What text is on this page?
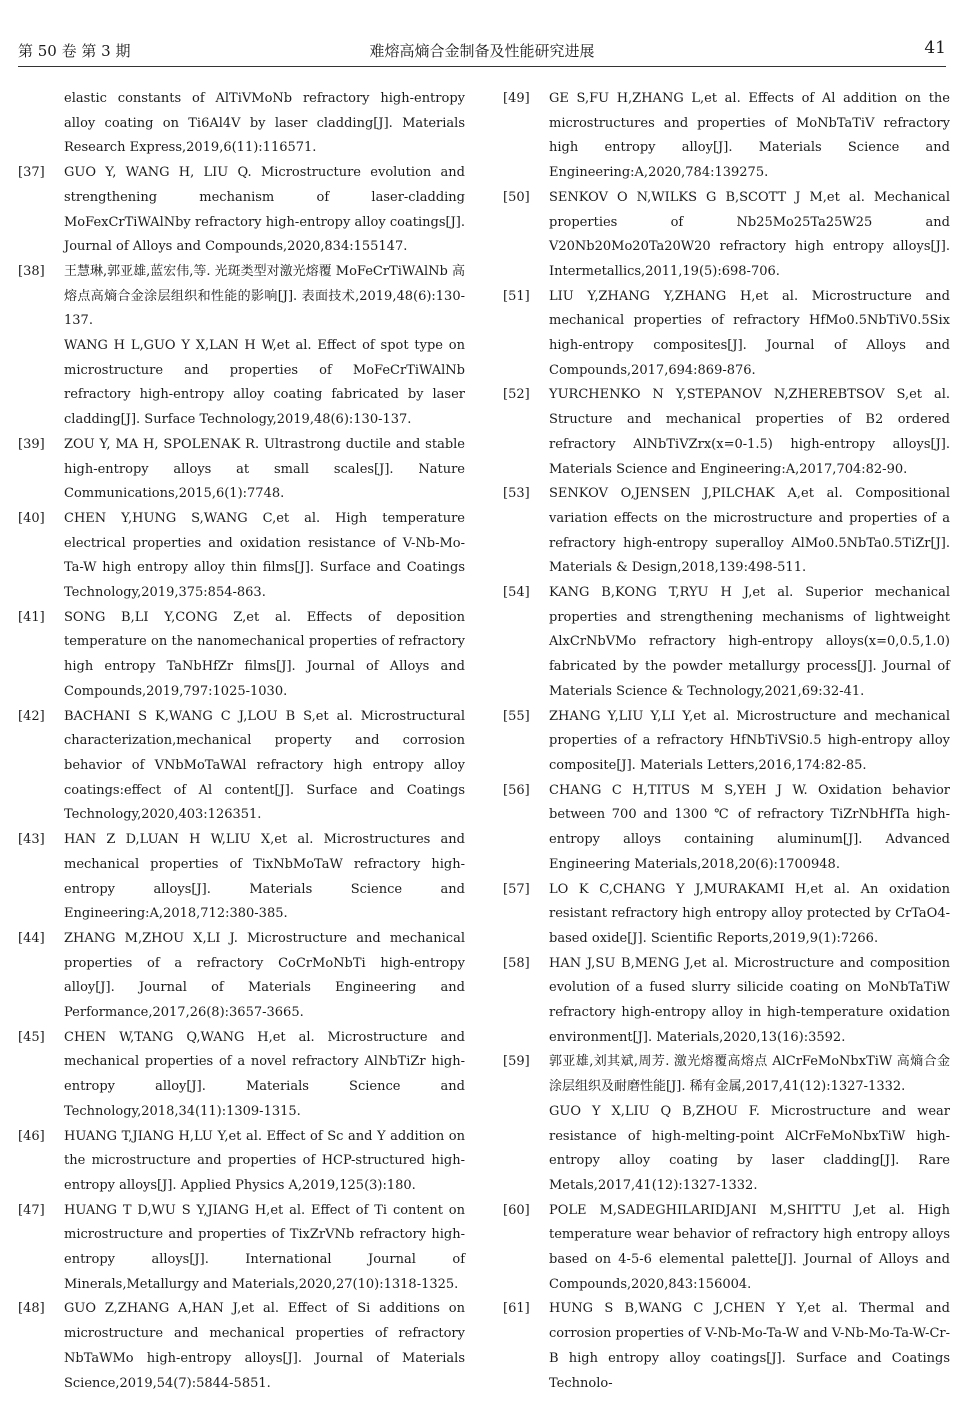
第 50 卷 第 3 期	难熔高熵合金制备及性能研究进展	41
elastic constants of AlTiVMoNb refractory high-entropy alloy coating on Ti6Al4V by laser cladding[J]. Materials Research Express,2019,6(11):116571.
[37] GUO Y, WANG H, LIU Q. Microstructure evolution and strengthening mechanism of laser-cladding MoFexCrTiWAlNby refractory high-entropy alloy coatings[J]. Journal of Alloys and Compounds,2020,834:155147.
[38] 王慧琳,郭亚雄,蓝宏伟,等. 光斑类型对激光熔覆 MoFeCrTiWAlNb 高熔点高熵合金涂层组织和性能的影响[J]. 表面技术,2019,48(6):130-137.
WANG H L,GUO Y X,LAN H W,et al. Effect of spot type on microstructure and properties of MoFeCrTiWAlNb refractory high-entropy alloy coating fabricated by laser cladding[J]. Surface Technology,2019,48(6):130-137.
[39] ZOU Y, MA H, SPOLENAK R. Ultrastrong ductile and stable high-entropy alloys at small scales[J]. Nature Communications,2015,6(1):7748.
[40] CHEN Y,HUNG S,WANG C,et al. High temperature electrical properties and oxidation resistance of V-Nb-Mo-Ta-W high entropy alloy thin films[J]. Surface and Coatings Technology,2019,375:854-863.
[41] SONG B,LI Y,CONG Z,et al. Effects of deposition temperature on the nanomechanical properties of refractory high entropy TaNbHfZr films[J]. Journal of Alloys and Compounds,2019,797:1025-1030.
[42] BACHANI S K,WANG C J,LOU B S,et al. Microstructural characterization,mechanical property and corrosion behavior of VNbMoTaWAl refractory high entropy alloy coatings:effect of Al content[J]. Surface and Coatings Technology,2020,403:126351.
[43] HAN Z D,LUAN H W,LIU X,et al. Microstructures and mechanical properties of TixNbMoTaW refractory high-entropy alloys[J]. Materials Science and Engineering:A,2018,712:380-385.
[44] ZHANG M,ZHOU X,LI J. Microstructure and mechanical properties of a refractory CoCrMoNbTi high-entropy alloy[J]. Journal of Materials Engineering and Performance,2017,26(8):3657-3665.
[45] CHEN W,TANG Q,WANG H,et al. Microstructure and mechanical properties of a novel refractory AlNbTiZr high-entropy alloy[J]. Materials Science and Technology,2018,34(11):1309-1315.
[46] HUANG T,JIANG H,LU Y,et al. Effect of Sc and Y addition on the microstructure and properties of HCP-structured high-entropy alloys[J]. Applied Physics A,2019,125(3):180.
[47] HUANG T D,WU S Y,JIANG H,et al. Effect of Ti content on microstructure and properties of TixZrVNb refractory high-entropy alloys[J]. International Journal of Minerals,Metallurgy and Materials,2020,27(10):1318-1325.
[48] GUO Z,ZHANG A,HAN J,et al. Effect of Si additions on microstructure and mechanical properties of refractory NbTaWMo high-entropy alloys[J]. Journal of Materials Science,2019,54(7):5844-5851.
[49] GE S,FU H,ZHANG L,et al. Effects of Al addition on the microstructures and properties of MoNbTaTiV refractory high entropy alloy[J]. Materials Science and Engineering:A,2020,784:139275.
[50] SENKOV O N,WILKS G B,SCOTT J M,et al. Mechanical properties of Nb25Mo25Ta25W25 and V20Nb20Mo20Ta20W20 refractory high entropy alloys[J]. Intermetallics,2011,19(5):698-706.
[51] LIU Y,ZHANG Y,ZHANG H,et al. Microstructure and mechanical properties of refractory HfMo0.5NbTiV0.5Six high-entropy composites[J]. Journal of Alloys and Compounds,2017,694:869-876.
[52] YURCHENKO N Y,STEPANOV N,ZHEREBTSOV S,et al. Structure and mechanical properties of B2 ordered refractory AlNbTiVZrx(x=0-1.5) high-entropy alloys[J]. Materials Science and Engineering:A,2017,704:82-90.
[53] SENKOV O,JENSEN J,PILCHAK A,et al. Compositional variation effects on the microstructure and properties of a refractory high-entropy superalloy AlMo0.5NbTa0.5TiZr[J]. Materials & Design,2018,139:498-511.
[54] KANG B,KONG T,RYU H J,et al. Superior mechanical properties and strengthening mechanisms of lightweight AlxCrNbVMo refractory high-entropy alloys(x=0,0.5,1.0) fabricated by the powder metallurgy process[J]. Journal of Materials Science & Technology,2021,69:32-41.
[55] ZHANG Y,LIU Y,LI Y,et al. Microstructure and mechanical properties of a refractory HfNbTiVSi0.5 high-entropy alloy composite[J]. Materials Letters,2016,174:82-85.
[56] CHANG C H,TITUS M S,YEH J W. Oxidation behavior between 700 and 1300 ℃ of refractory TiZrNbHfTa high-entropy alloys containing aluminum[J]. Advanced Engineering Materials,2018,20(6):1700948.
[57] LO K C,CHANG Y J,MURAKAMI H,et al. An oxidation resistant refractory high entropy alloy protected by CrTaO4-based oxide[J]. Scientific Reports,2019,9(1):7266.
[58] HAN J,SU B,MENG J,et al. Microstructure and composition evolution of a fused slurry silicide coating on MoNbTaTiW refractory high-entropy alloy in high-temperature oxidation environment[J]. Materials,2020,13(16):3592.
[59] 郭亚雄,刘其斌,周芳. 激光熔覆高熔点 AlCrFeMoNbxTiW 高熵合金涂层组织及耐磨性能[J]. 稀有金属,2017,41(12):1327-1332.
GUO Y X,LIU Q B,ZHOU F. Microstructure and wear resistance of high-melting-point AlCrFeMoNbxTiW high-entropy alloy coating by laser cladding[J]. Rare Metals,2017,41(12):1327-1332.
[60] POLE M,SADEGHILARIDJANI M,SHITTU J,et al. High temperature wear behavior of refractory high entropy alloys based on 4-5-6 elemental palette[J]. Journal of Alloys and Compounds,2020,843:156004.
[61] HUNG S B,WANG C J,CHEN Y Y,et al. Thermal and corrosion properties of V-Nb-Mo-Ta-W and V-Nb-Mo-Ta-W-Cr-B high entropy alloy coatings[J]. Surface and Coatings Technolo-
